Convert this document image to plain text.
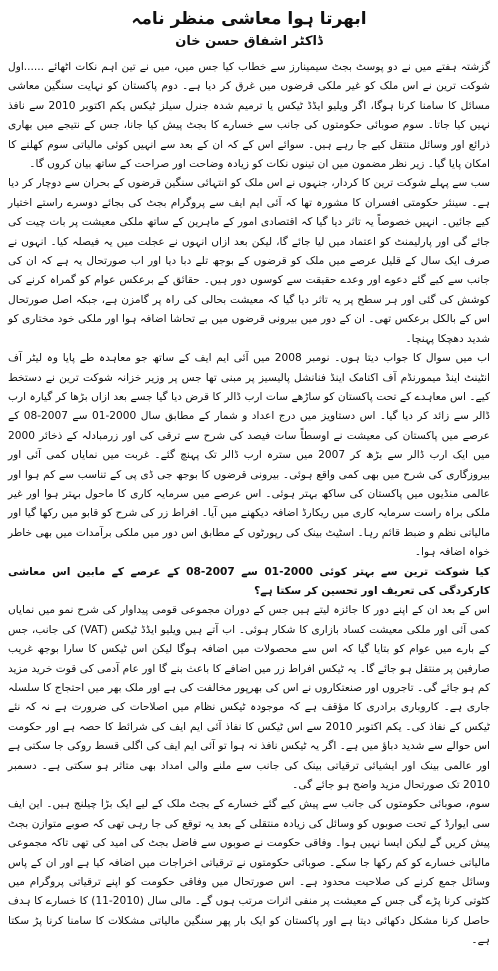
ابھرتا ہوا معاشی منظر نامہ
ڈاکٹر اشفاق حسن خان

گزشتہ ہفتے میں نے دو پوسٹ بجٹ سیمینارز سے خطاب کیا جس میں، میں نے تین اہم نکات اٹھائے ......اول شوکت ترین نے اس ملک کو غیر ملکی قرضوں میں غرق کر دیا ہے۔ دوم پاکستان کو نہایت سنگین معاشی مسائل کا سامنا کرنا ہوگا، اگر ویلیو ایڈڈ ٹیکس یا ترمیم شدہ جنرل سیلز ٹیکس یکم اکتوبر 2010 سے نافذ نہیں کیا جاتا۔ سوم صوبائی حکومتوں کی جانب سے خسارے کا بجٹ پیش کیا جانا، جس کے نتیجے میں بھاری ذرائع اور وسائل منتقل کیے جا رہے ہیں۔ سوائے اس کے کہ ان کے بعد سے انہیں کوئی مالیاتی سوم کھلنے کا امکان پایا گیا۔ زیر نظر مضمون میں ان تینوں نکات کو زیادہ وضاحت اور صراحت کے ساتھ بیان کروں گا۔

سب سے پہلے شوکت ترین کا کردار، جنہوں نے اس ملک کو انتہائی سنگین قرضوں کے بحران سے دوچار کر دیا ہے۔ سینئر حکومتی افسران کا مشورہ تھا کہ آئی ایم ایف سے پروگرام بجٹ کی بجائے دوسرے راستے اختیار کیے جائیں۔ انہیں خصوصاً یہ تاثر دیا گیا کہ اقتصادی امور کے ماہرین کے ساتھ ملکی معیشت پر بات چیت کی جائے گی اور پارلیمنٹ کو اعتماد میں لیا جائے گا، لیکن بعد ازاں انہوں نے عجلت میں یہ فیصلہ کیا۔ انہوں نے صرف ایک سال کے قلیل عرصے میں ملک کو قرضوں کے بوجھ تلے دبا دیا اور اب صورتحال یہ ہے کہ ان کی جانب سے کیے گئے دعوے اور وعدے حقیقت سے کوسوں دور ہیں۔ حقائق کے برعکس عوام کو گمراہ کرنے کی کوشش کی گئی اور ہر سطح پر یہ تاثر دیا گیا کہ معیشت بحالی کی راہ پر گامزن ہے، جبکہ اصل صورتحال اس کے بالکل برعکس تھی۔ ان کے دور میں بیرونی قرضوں میں بے تحاشا اضافہ ہوا اور ملکی خود مختاری کو شدید دھچکا پہنچا۔

اب میں سوال کا جواب دیتا ہوں۔ نومبر 2008 میں آئی ایم ایف کے ساتھ جو معاہدہ طے پایا وہ لیٹر آف انٹینٹ اینڈ میمورنڈم آف اکنامک اینڈ فنانشل پالیسیز پر مبنی تھا جس پر وزیر خزانہ شوکت ترین نے دستخط کیے۔ اس معاہدے کے تحت پاکستان کو ساڑھے سات ارب ڈالر کا قرض دیا گیا جسے بعد ازاں بڑھا کر گیارہ ارب ڈالر سے زائد کر دیا گیا۔ اس دستاویز میں درج اعداد و شمار کے مطابق سال 2000-01 سے 2007-08 کے عرصے میں پاکستان کی معیشت نے اوسطاً سات فیصد کی شرح سے ترقی کی اور زرمبادلہ کے ذخائر 2000 میں ایک ارب ڈالر سے بڑھ کر 2007 میں سترہ ارب ڈالر تک پہنچ گئے۔ غربت میں نمایاں کمی آئی اور بیروزگاری کی شرح میں بھی کمی واقع ہوئی۔ بیرونی قرضوں کا بوجھ جی ڈی پی کے تناسب سے کم ہوا اور عالمی منڈیوں میں پاکستان کی ساکھ بہتر ہوئی۔ اس عرصے میں سرمایہ کاری کا ماحول بہتر ہوا اور غیر ملکی براہ راست سرمایہ کاری میں ریکارڈ اضافہ دیکھنے میں آیا۔ افراط زر کی شرح کو قابو میں رکھا گیا اور مالیاتی نظم و ضبط قائم رہا۔ اسٹیٹ بینک کی رپورٹوں کے مطابق اس دور میں ملکی برآمدات میں بھی خاطر خواہ اضافہ ہوا۔

کیا شوکت ترین سے بہتر کوئی 2000-01 سے 2007-08 کے عرصے کے مابین اس معاشی کارکردگی کی تعریف اور تحسین کر سکتا ہے؟

اس کے بعد ان کے اپنے دور کا جائزہ لیتے ہیں جس کے دوران مجموعی قومی پیداوار کی شرح نمو میں نمایاں کمی آئی اور ملکی معیشت کساد بازاری کا شکار ہوئی۔ اب آتے ہیں ویلیو ایڈڈ ٹیکس (VAT) کی جانب، جس کے بارے میں عوام کو بتایا گیا کہ اس سے محصولات میں اضافہ ہوگا لیکن اس ٹیکس کا سارا بوجھ غریب صارفین پر منتقل ہو جائے گا۔ یہ ٹیکس افراط زر میں اضافے کا باعث بنے گا اور عام آدمی کی قوت خرید مزید کم ہو جائے گی۔ تاجروں اور صنعتکاروں نے اس کی بھرپور مخالفت کی ہے اور ملک بھر میں احتجاج کا سلسلہ جاری ہے۔ کاروباری برادری کا مؤقف ہے کہ موجودہ ٹیکس نظام میں اصلاحات کی ضرورت ہے نہ کہ نئے ٹیکس کے نفاذ کی۔ یکم اکتوبر 2010 سے اس ٹیکس کا نفاذ آئی ایم ایف کی شرائط کا حصہ ہے اور حکومت اس حوالے سے شدید دباؤ میں ہے۔ اگر یہ ٹیکس نافذ نہ ہوا تو آئی ایم ایف کی اگلی قسط روکی جا سکتی ہے اور عالمی بینک اور ایشیائی ترقیاتی بینک کی جانب سے ملنے والی امداد بھی متاثر ہو سکتی ہے۔ دسمبر 2010 تک صورتحال مزید واضح ہو جائے گی۔

سوم، صوبائی حکومتوں کی جانب سے پیش کیے گئے خسارے کے بجٹ ملک کے لیے ایک بڑا چیلنج ہیں۔ این ایف سی ایوارڈ کے تحت صوبوں کو وسائل کی زیادہ منتقلی کے بعد یہ توقع کی جا رہی تھی کہ صوبے متوازن بجٹ پیش کریں گے لیکن ایسا نہیں ہوا۔ وفاقی حکومت نے صوبوں سے فاضل بجٹ کی امید کی تھی تاکہ مجموعی مالیاتی خسارے کو کم رکھا جا سکے۔ صوبائی حکومتوں نے ترقیاتی اخراجات میں اضافہ کیا ہے اور ان کے پاس وسائل جمع کرنے کی صلاحیت محدود ہے۔ اس صورتحال میں وفاقی حکومت کو اپنے ترقیاتی پروگرام میں کٹوتی کرنا پڑے گی جس کے معیشت پر منفی اثرات مرتب ہوں گے۔ مالی سال (2010-11) کا خسارے کا ہدف حاصل کرنا مشکل دکھائی دیتا ہے اور پاکستان کو ایک بار پھر سنگین مالیاتی مشکلات کا سامنا کرنا پڑ سکتا ہے۔
